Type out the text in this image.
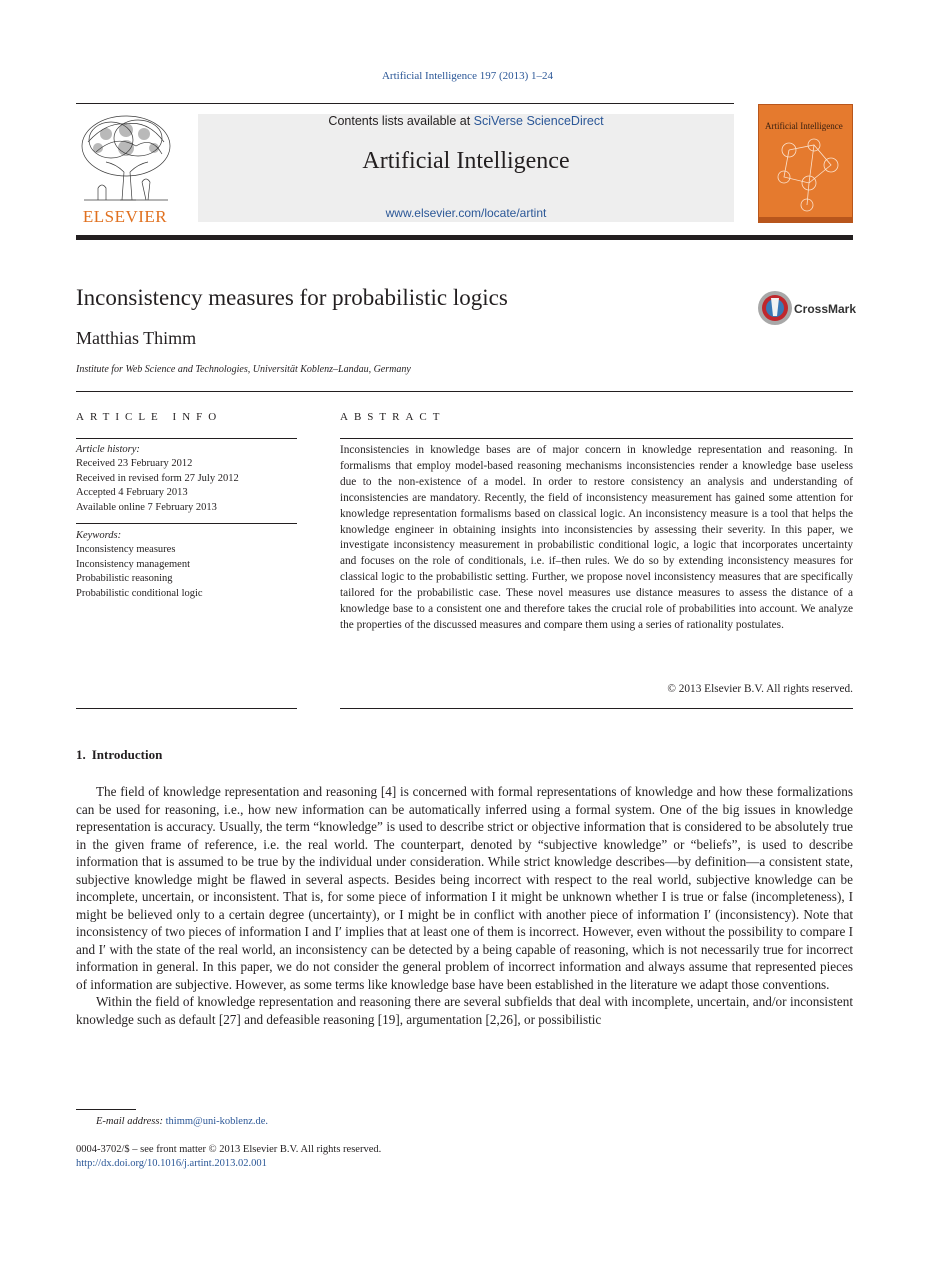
Artificial Intelligence 197 (2013) 1–24
ELSEVIER
Contents lists available at SciVerse ScienceDirect
Artificial Intelligence
www.elsevier.com/locate/artint
Artificial Intelligence
Inconsistency measures for probabilistic logics	CrossMark
Matthias Thimm
Institute for Web Science and Technologies, Universität Koblenz–Landau, Germany
ARTICLE INFO	ABSTRACT
Article history:
Received 23 February 2012
Received in revised form 27 July 2012
Accepted 4 February 2013
Available online 7 February 2013
Keywords:
Inconsistency measures
Inconsistency management
Probabilistic reasoning
Probabilistic conditional logic
Inconsistencies in knowledge bases are of major concern in knowledge representation and reasoning. In formalisms that employ model-based reasoning mechanisms inconsistencies render a knowledge base useless due to the non-existence of a model. In order to restore consistency an analysis and understanding of inconsistencies are mandatory. Recently, the field of inconsistency measurement has gained some attention for knowledge representation formalisms based on classical logic. An inconsistency measure is a tool that helps the knowledge engineer in obtaining insights into inconsistencies by assessing their severity. In this paper, we investigate inconsistency measurement in probabilistic conditional logic, a logic that incorporates uncertainty and focuses on the role of conditionals, i.e. if–then rules. We do so by extending inconsistency measures for classical logic to the probabilistic setting. Further, we propose novel inconsistency measures that are specifically tailored for the probabilistic case. These novel measures use distance measures to assess the distance of a knowledge base to a consistent one and therefore takes the crucial role of probabilities into account. We analyze the properties of the discussed measures and compare them using a series of rationality postulates.
© 2013 Elsevier B.V. All rights reserved.
1. Introduction

The field of knowledge representation and reasoning [4] is concerned with formal representations of knowledge and how these formalizations can be used for reasoning, i.e., how new information can be automatically inferred using a formal system. One of the big issues in knowledge representation is accuracy. Usually, the term “knowledge” is used to describe strict or objective information that is considered to be absolutely true in the given frame of reference, i.e. the real world. The counterpart, denoted by “subjective knowledge” or “beliefs”, is used to describe information that is assumed to be true by the individual under consideration. While strict knowledge describes—by definition—a consistent state, subjective knowledge might be flawed in several aspects. Besides being incorrect with respect to the real world, subjective knowledge can be incomplete, uncertain, or inconsistent. That is, for some piece of information I it might be unknown whether I is true or false (incompleteness), I might be believed only to a certain degree (uncertainty), or I might be in conflict with another piece of information I′ (inconsistency). Note that inconsistency of two pieces of information I and I′ implies that at least one of them is incorrect. However, even without the possibility to compare I and I′ with the state of the real world, an inconsistency can be detected by a being capable of reasoning, which is not necessarily true for incorrect information in general. In this paper, we do not consider the general problem of incorrect information and always assume that represented pieces of information are subjective. However, as some terms like knowledge base have been established in the literature we adapt those conventions.

Within the field of knowledge representation and reasoning there are several subfields that deal with incomplete, uncertain, and/or inconsistent knowledge such as default [27] and defeasible reasoning [19], argumentation [2,26], or possibilistic

E-mail address: thimm@uni-koblenz.de.
0004-3702/$ – see front matter © 2013 Elsevier B.V. All rights reserved.
http://dx.doi.org/10.1016/j.artint.2013.02.001
